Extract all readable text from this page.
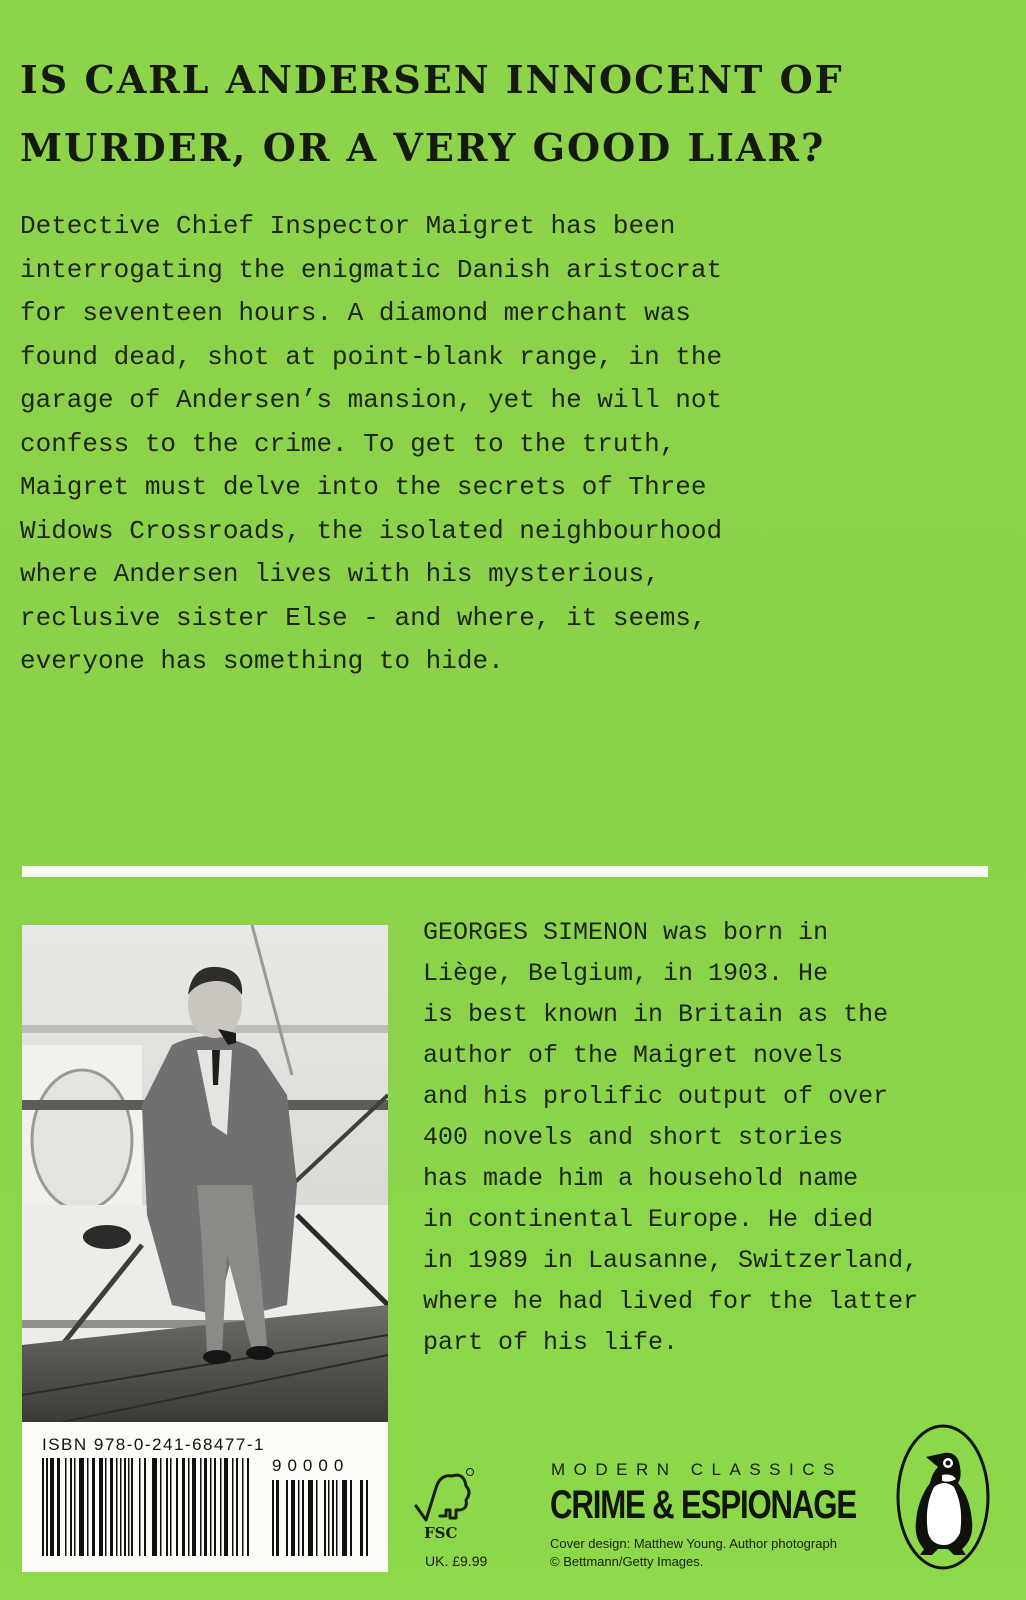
IS CARL ANDERSEN INNOCENT OF
MURDER, OR A VERY GOOD LIAR?
Detective Chief Inspector Maigret has been
interrogating the enigmatic Danish aristocrat
for seventeen hours. A diamond merchant was
found dead, shot at point-blank range, in the
garage of Andersen’s mansion, yet he will not
confess to the crime. To get to the truth,
Maigret must delve into the secrets of Three
Widows Crossroads, the isolated neighbourhood
where Andersen lives with his mysterious,
reclusive sister Else - and where, it seems,
everyone has something to hide.
ISBN 978-0-241-68477-1
90000
GEORGES SIMENON was born in
Liège, Belgium, in 1903. He
is best known in Britain as the
author of the Maigret novels
and his prolific output of over
400 novels and short stories
has made him a household name
in continental Europe. He died
in 1989 in Lausanne, Switzerland,
where he had lived for the latter
part of his life.
FSC
UK. £9.99
MODERN CLASSICS
CRIME & ESPIONAGE
Cover design: Matthew Young. Author photograph
© Bettmann/Getty Images.
